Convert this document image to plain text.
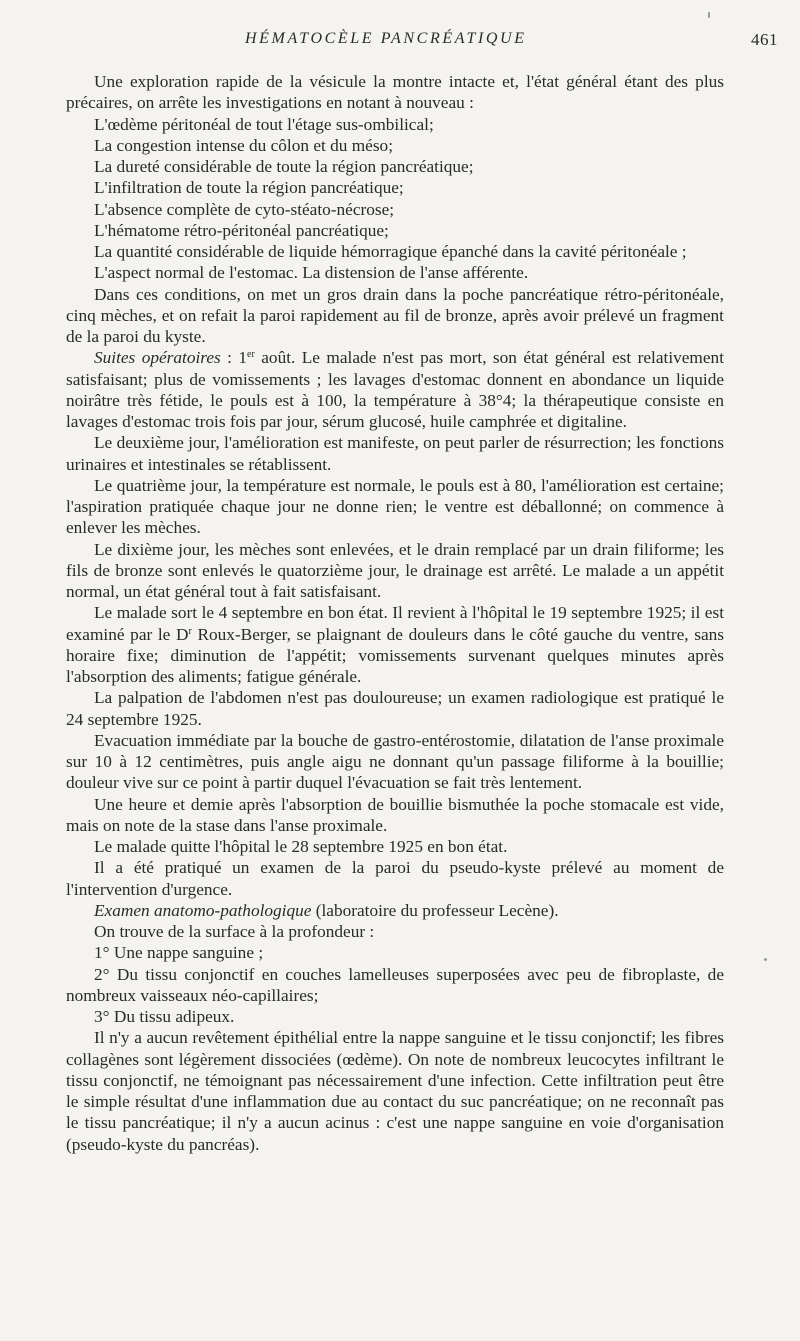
HÉMATOCÈLE PANCRÉATIQUE	461

Une exploration rapide de la vésicule la montre intacte et, l'état général étant des plus précaires, on arrête les investigations en notant à nouveau :

L'œdème péritonéal de tout l'étage sus-ombilical;

La congestion intense du côlon et du méso;

La dureté considérable de toute la région pancréatique;

L'infiltration de toute la région pancréatique;

L'absence complète de cyto-stéato-nécrose;

L'hématome rétro-péritonéal pancréatique;

La quantité considérable de liquide hémorragique épanché dans la cavité péritonéale ;

L'aspect normal de l'estomac. La distension de l'anse afférente.

Dans ces conditions, on met un gros drain dans la poche pancréatique rétro-péritonéale, cinq mèches, et on refait la paroi rapidement au fil de bronze, après avoir prélevé un fragment de la paroi du kyste.

Suites opératoires : 1er août. Le malade n'est pas mort, son état général est relativement satisfaisant; plus de vomissements ; les lavages d'estomac donnent en abondance un liquide noirâtre très fétide, le pouls est à 100, la température à 38°4; la thérapeutique consiste en lavages d'estomac trois fois par jour, sérum glucosé, huile camphrée et digitaline.

Le deuxième jour, l'amélioration est manifeste, on peut parler de résurrection; les fonctions urinaires et intestinales se rétablissent.

Le quatrième jour, la température est normale, le pouls est à 80, l'amélioration est certaine; l'aspiration pratiquée chaque jour ne donne rien; le ventre est déballonné; on commence à enlever les mèches.

Le dixième jour, les mèches sont enlevées, et le drain remplacé par un drain filiforme; les fils de bronze sont enlevés le quatorzième jour, le drainage est arrêté. Le malade a un appétit normal, un état général tout à fait satisfaisant.

Le malade sort le 4 septembre en bon état. Il revient à l'hôpital le 19 septembre 1925; il est examiné par le $D^r$ Roux-Berger, se plaignant de douleurs dans le côté gauche du ventre, sans horaire fixe; diminution de l'appétit; vomissements survenant quelques minutes après l'absorption des aliments; fatigue générale.

La palpation de l'abdomen n'est pas douloureuse; un examen radiologique est pratiqué le 24 septembre 1925.

Evacuation immédiate par la bouche de gastro-entérostomie, dilatation de l'anse proximale sur 10 à 12 centimètres, puis angle aigu ne donnant qu'un passage filiforme à la bouillie; douleur vive sur ce point à partir duquel l'évacuation se fait très lentement.

Une heure et demie après l'absorption de bouillie bismuthée la poche stomacale est vide, mais on note de la stase dans l'anse proximale.

Le malade quitte l'hôpital le 28 septembre 1925 en bon état.

Il a été pratiqué un examen de la paroi du pseudo-kyste prélevé au moment de l'intervention d'urgence.

Examen anatomo-pathologique (laboratoire du professeur Lecène).

On trouve de la surface à la profondeur :

1° Une nappe sanguine ;

2° Du tissu conjonctif en couches lamelleuses superposées avec peu de fibroplaste, de nombreux vaisseaux néo-capillaires;

3° Du tissu adipeux.

Il n'y a aucun revêtement épithélial entre la nappe sanguine et le tissu conjonctif; les fibres collagènes sont légèrement dissociées (œdème). On note de nombreux leucocytes infiltrant le tissu conjonctif, ne témoignant pas nécessairement d'une infection. Cette infiltration peut être le simple résultat d'une inflammation due au contact du suc pancréatique; on ne reconnaît pas le tissu pancréatique; il n'y a aucun acinus : c'est une nappe sanguine en voie d'organisation (pseudo-kyste du pancréas).
